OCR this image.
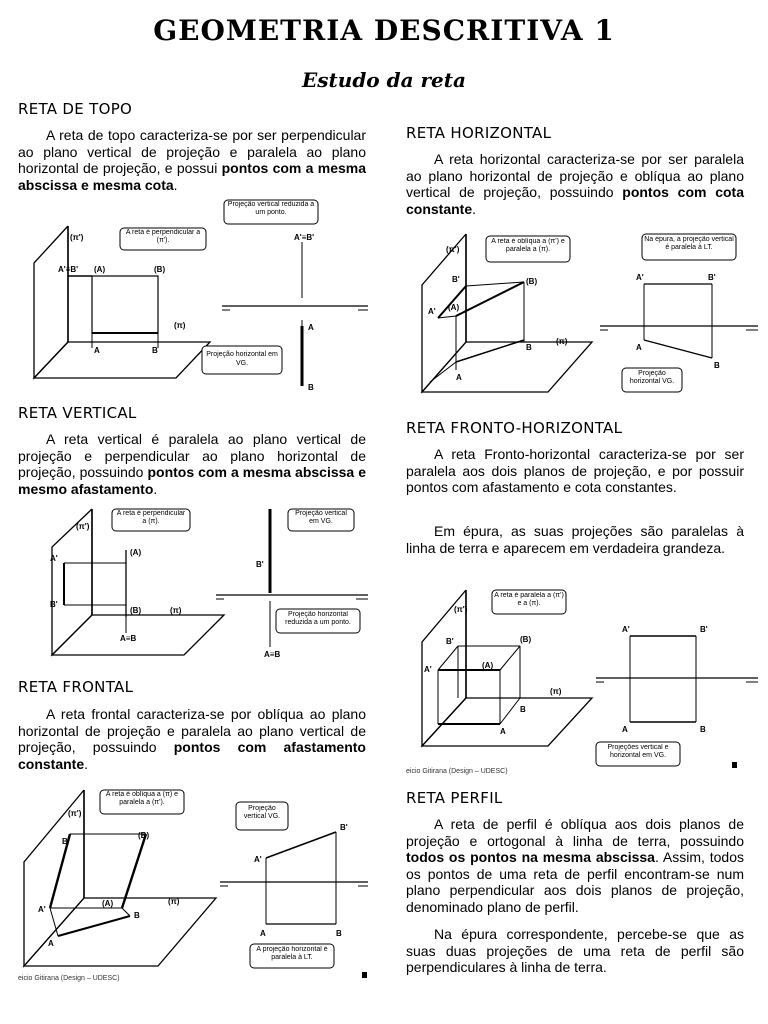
GEOMETRIA DESCRITIVA 1
Estudo da reta
RETA DE TOPO
A reta de topo caracteriza-se por ser perpendicular ao plano vertical de projeção e paralela ao plano horizontal de projeção, e possui pontos com a mesma abscissa e mesma cota.
(π')
A'≡B' (A)	(B)
(π)
A	B
A reta é perpendicular a (π').	A'≡B'
A
B
Projeção vertical reduzida a um ponto.
Projeção horizontal em VG.
RETA VERTICAL
A reta vertical é paralela ao plano vertical de projeção e perpendicular ao plano horizontal de projeção, possuindo pontos com a mesma abscissa e mesmo afastamento.
(π')
A'
B'
(A)
(B)	(π)
A≡B
A reta é perpendicular a (π).
B'
A≡B
Projeção vertical em VG.
Projeção horizontal reduzida a um ponto.
RETA FRONTAL
A reta frontal caracteriza-se por oblíqua ao plano horizontal de projeção e paralela ao plano vertical de projeção, possuindo pontos com afastamento constante.
(π')
B'
A'
(B)
(A)	(π)
A
B
A reta é oblíqua a (π) e paralela a (π').
eicio Gitirana (Design – UDESC)
A'
B'
A	B
Projeção vertical VG.
A projeção horizontal é paralela à LT.
RETA HORIZONTAL
A reta horizontal caracteriza-se por ser paralela ao plano horizontal de projeção e oblíqua ao plano vertical de projeção, possuindo pontos com cota constante.
(π')
B'
A' (A)
(B)
(π)
A
B
A reta é oblíqua a (π') e paralela a (π).
A'	B'
A
B
Na épura, a projeção vertical é paralela à LT.
Projeção horizontal VG.
RETA FRONTO-HORIZONTAL
A reta Fronto-horizontal caracteriza-se por ser paralela aos dois planos de projeção, e por possuir pontos com afastamento e cota constantes.
Em épura, as suas projeções são paralelas à linha de terra e aparecem em verdadeira grandeza.
(π')
B'
A'	(A)
(B)
(π)
A
B
A reta é paralela a (π') e a (π).
eicio Gitirana (Design – UDESC)
A'	B'
A	B
Projeções vertical e horizontal em VG.
RETA PERFIL
A reta de perfil é oblíqua aos dois planos de projeção e ortogonal à linha de terra, possuindo todos os pontos na mesma abscissa. Assim, todos os pontos de uma reta de perfil encontram-se num plano perpendicular aos dois planos de projeção, denominado plano de perfil.
Na épura correspondente, percebe-se que as suas duas projeções de uma reta de perfil são perpendiculares à linha de terra.
